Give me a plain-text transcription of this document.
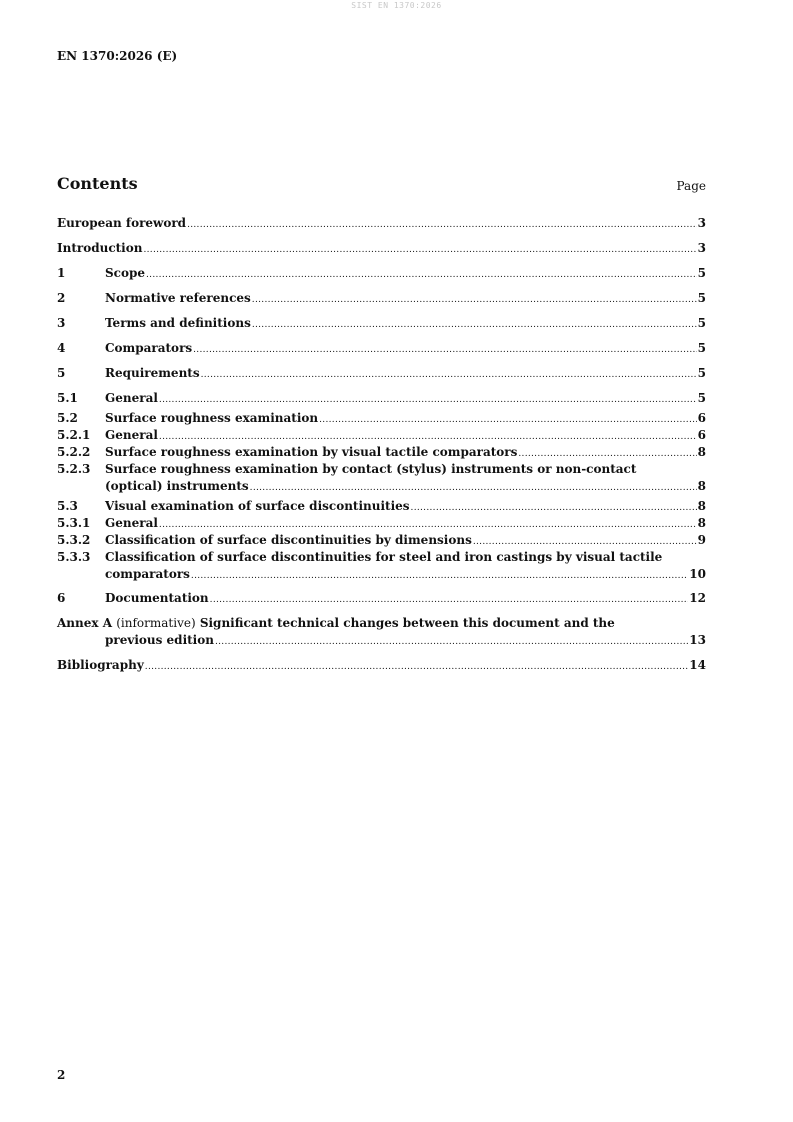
SIST EN 1370:2026
EN 1370:2026 (E)
Contents	Page
European foreword .....	3
Introduction .....	3
1	Scope .....	5
2	Normative references .....	5
3	Terms and definitions .....	5
4	Comparators .....	5
5	Requirements .....	5
5.1	General .....	5
5.2	Surface roughness examination .....	6
5.2.1	General .....	6
5.2.2	Surface roughness examination by visual tactile comparators .....	8
5.2.3	Surface roughness examination by contact (stylus) instruments or non-contact
(optical) instruments .....	8
5.3	Visual examination of surface discontinuities .....	8
5.3.1	General .....	8
5.3.2	Classification of surface discontinuities by dimensions .....	9
5.3.3	Classification of surface discontinuities for steel and iron castings by visual tactile
comparators .....	10
6	Documentation .....	12
Annex A (informative) Significant technical changes between this document and the
previous edition .....	13
Bibliography .....	14
2
